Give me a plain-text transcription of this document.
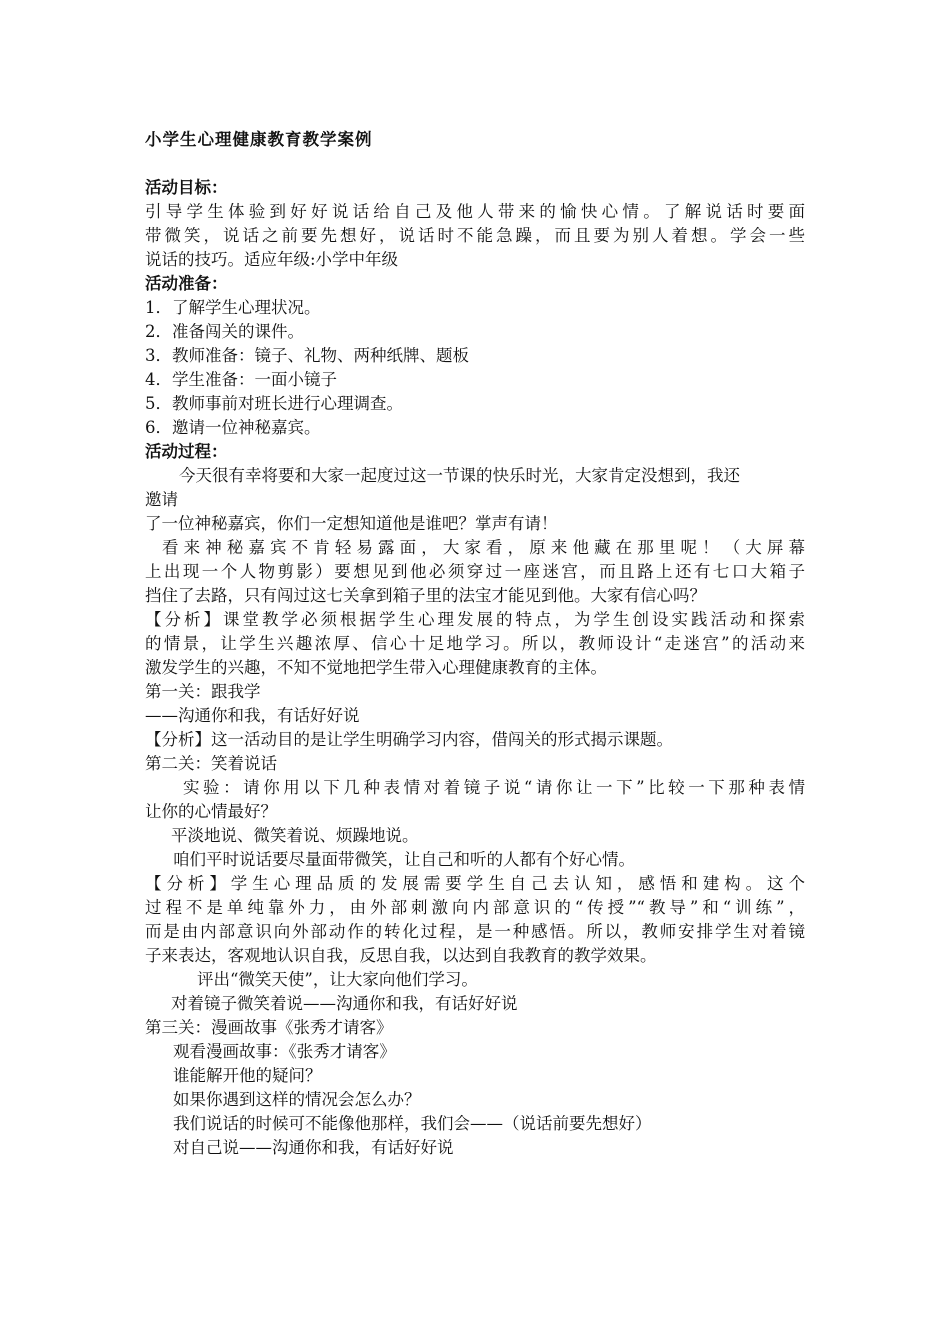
小学生心理健康教育教学案例
活动目标：
引导学生体验到好好说话给自己及他人带来的愉快心情。了解说话时要面
带微笑，说话之前要先想好，说话时不能急躁，而且要为别人着想。学会一些
说话的技巧。适应年级:小学中年级
活动准备：
1．了解学生心理状况。
2．准备闯关的课件。
3．教师准备：镜子、礼物、两种纸牌、题板
4．学生准备：一面小镜子
5．教师事前对班长进行心理调查。
6．邀请一位神秘嘉宾。
活动过程：
今天很有幸将要和大家一起度过这一节课的快乐时光，大家肯定没想到，我还
邀请
了一位神秘嘉宾，你们一定想知道他是谁吧？掌声有请！
看来神秘嘉宾不肯轻易露面，大家看，原来他藏在那里呢！（大屏幕
上出现一个人物剪影）要想见到他必须穿过一座迷宫，而且路上还有七口大箱子
挡住了去路，只有闯过这七关拿到箱子里的法宝才能见到他。大家有信心吗？
【分析】课堂教学必须根据学生心理发展的特点，为学生创设实践活动和探索
的情景，让学生兴趣浓厚、信心十足地学习。所以，教师设计“走迷宫”的活动来
激发学生的兴趣，不知不觉地把学生带入心理健康教育的主体。
第一关：跟我学
——沟通你和我，有话好好说
【分析】这一活动目的是让学生明确学习内容，借闯关的形式揭示课题。
第二关：笑着说话
实验：请你用以下几种表情对着镜子说“请你让一下”比较一下那种表情
让你的心情最好？
平淡地说、微笑着说、烦躁地说。
咱们平时说话要尽量面带微笑，让自己和听的人都有个好心情。
【分析】学生心理品质的发展需要学生自己去认知，感悟和建构。这个
过程不是单纯靠外力，由外部刺激向内部意识的“传授”“教导”和“训练”，
而是由内部意识向外部动作的转化过程，是一种感悟。所以，教师安排学生对着镜
子来表达，客观地认识自我，反思自我，以达到自我教育的教学效果。
评出“微笑天使”，让大家向他们学习。
对着镜子微笑着说——沟通你和我，有话好好说
第三关：漫画故事《张秀才请客》
观看漫画故事：《张秀才请客》
谁能解开他的疑问？
如果你遇到这样的情况会怎么办？
我们说话的时候可不能像他那样，我们会——（说话前要先想好）
对自己说——沟通你和我，有话好好说
